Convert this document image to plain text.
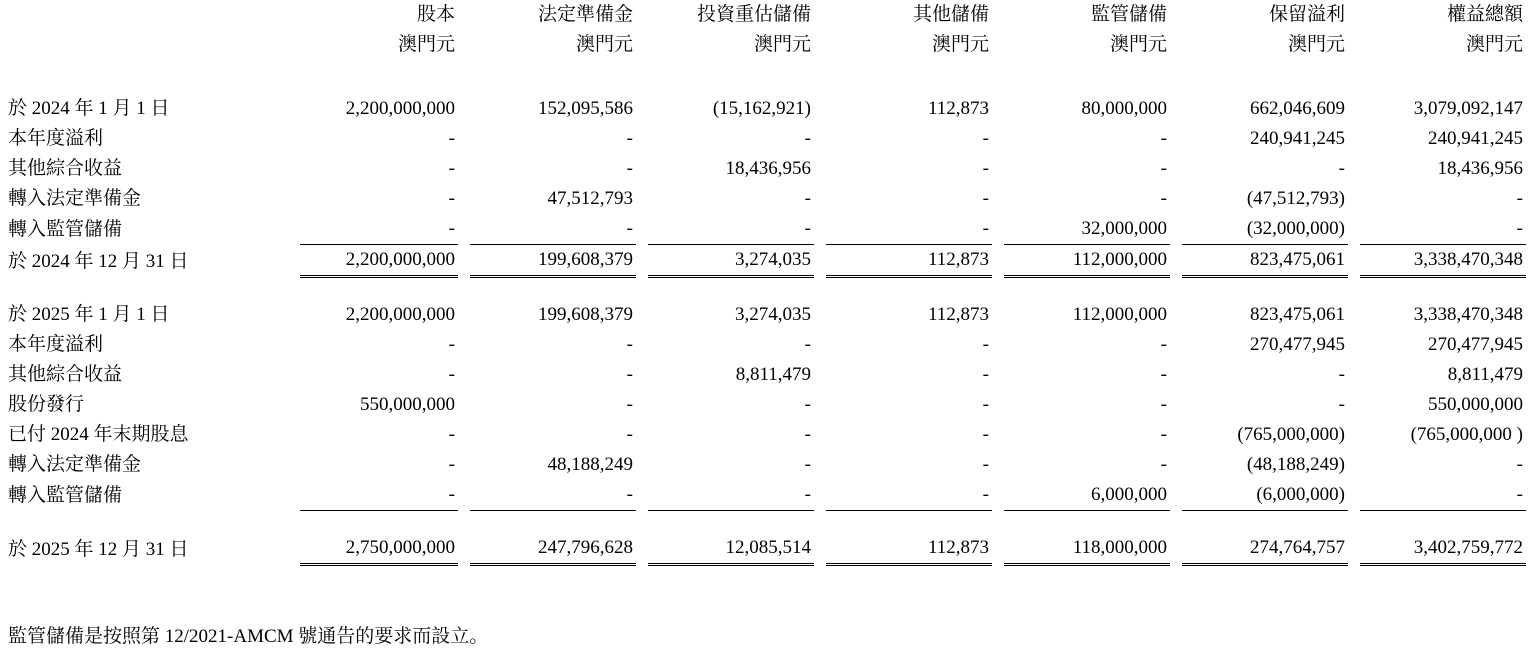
	股本	法定準備金	投資重估儲備	其他儲備	監管儲備	保留溢利	權益總額

	澳門元	澳門元	澳門元	澳門元	澳門元	澳門元	澳門元

於 2024 年 1 月 1 日	2,200,000,000	152,095,586	(15,162,921)	112,873	80,000,000	662,046,609	3,079,092,147

本年度溢利	-	-	-	-	-	240,941,245	240,941,245

其他綜合收益	-	-	18,436,956	-	-	-	18,436,956

轉入法定準備金	-	47,512,793	-	-	-	(47,512,793)	-

轉入監管儲備	-	-	-	-	32,000,000	(32,000,000)	-

於 2024 年 12 月 31 日	2,200,000,000	199,608,379	3,274,035	112,873	112,000,000	823,475,061	3,338,470,348

於 2025 年 1 月 1 日	2,200,000,000	199,608,379	3,274,035	112,873	112,000,000	823,475,061	3,338,470,348

本年度溢利	-	-	-	-	-	270,477,945	270,477,945

其他綜合收益	-	-	8,811,479	-	-	-	8,811,479

股份發行	550,000,000	-	-	-	-	-	550,000,000

已付 2024 年末期股息	-	-	-	-	-	(765,000,000)	(765,000,000 )

轉入法定準備金	-	48,188,249	-	-	-	(48,188,249)	-

轉入監管儲備	-	-	-	-	6,000,000	(6,000,000)	-

於 2025 年 12 月 31 日	2,750,000,000	247,796,628	12,085,514	112,873	118,000,000	274,764,757	3,402,759,772
監管儲備是按照第 12/2021-AMCM 號通告的要求而設立。
